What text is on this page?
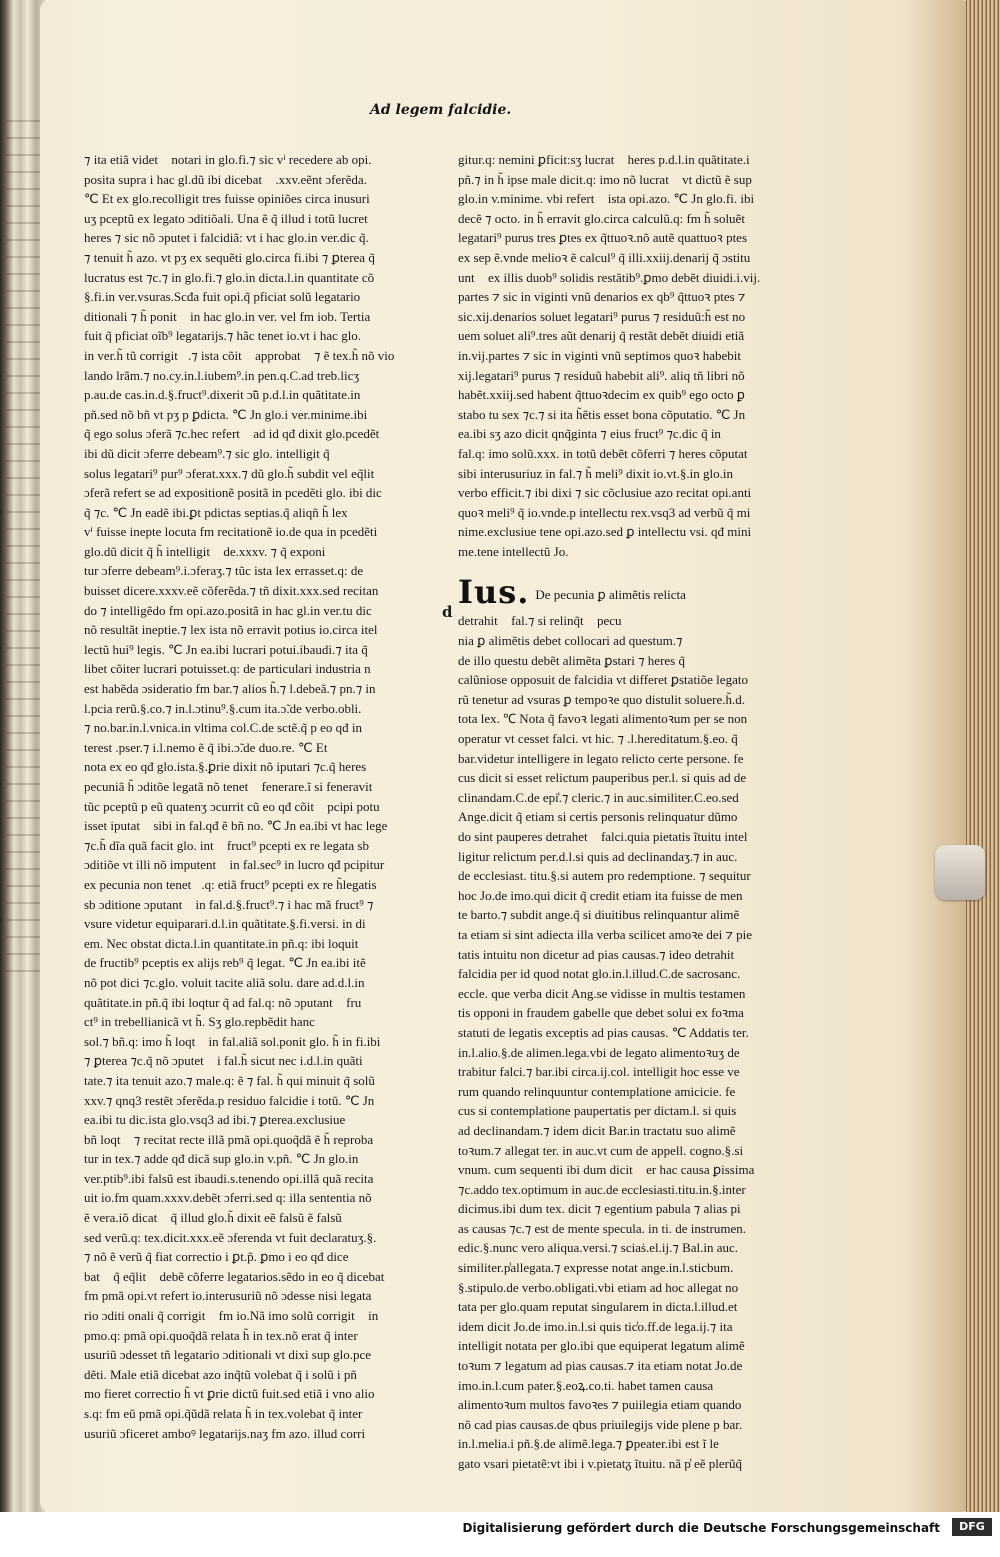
Ad legem falcidie.
⁊ ita etiã videt᷑ notari in glo.fi.⁊ sic vⁱ recedere ab opi.
posita supra i hac gl.dũ ibi dicebat᷑ .xxv.eẽnt ɔferẽda.
℃ Et ex glo.recolligit tres fuisse opiniões circa inusuri
uʒ pceptũ ex legato ɔditiõali. Una ẽ q̃ illud i totũ lucret᷑
heres ⁊ sic nõ ɔputet i falcidiã: vt i hac glo.in ver.dic q̃.
⁊ tenuit h̃ azo. vt pʒ ex sequẽti glo.circa fi.ibi ⁊ ꝑterea q̃
lucratus est ⁊c.⁊ in glo.fi.⁊ glo.in dicta.l.in quantitate cõ
§.fi.in ver.vsuras.Scđa fuit opi.q̃ pficiat solũ legatario
ditionali ⁊ h̃ ponit᷑ in hac glo.in ver. vel fm iob. Tertia
fuit q̃ pficiat oĩb⁹ legatarijs.⁊ hãc tenet io.vt i hac glo.
in ver.h̃ tũ corrigit᷑.⁊ ista cõit᷑ approbat᷑ ⁊ ẽ tex.h̃ nõ vio
lando lrãm.⁊ no.cy.in.l.iubem⁹.in pen.q.C.ad treb.licʒ
p.au.de cas.in.d.§.fruct⁹.dixerit ɔ̃ũ p.d.l.in quãtitate.in
pñ.sed nõ bñ vt pʒ p ꝑdicta. ℃ Jn glo.i ver.minime.ibi
q̃ ego solus ɔferã ⁊c.hec refert᷑ ad id qđ dixit glo.pcedẽt
ibi dũ dicit ɔferre debeam⁹.⁊ sic glo. intelligit q̃
solus legatari⁹ pur⁹ ɔferat.xxx.⁊ dũ glo.h̃ subdit vel eq̃lit᷑
ɔferã refert se ad expositionẽ positã in pcedẽti glo. ibi dic
q̃ ⁊c. ℃ Jn eadẽ ibi.ꝑt pdictas septias.q̃ aliqñ h̃ lex
vⁱ fuisse inepte locuta fm recitationẽ io.de qua in pcedẽti
glo.dũ dicit q̃ h̃ intelligit᷑ de.xxxv. ⁊ q̃ exponi
tur ɔferre debeam⁹.i.ɔferaʒ.⁊ tũc ista lex errasset.q: de
buisset dicere.xxxv.eẽ cõferẽda.⁊ tñ dixit.xxx.sed recitan
do ⁊ intelligẽdo fm opi.azo.positã in hac gl.in ver.tu dic
nõ resultãt ineptie.⁊ lex ista nõ erravit potius io.circa itel
lectũ hui⁹ legis. ℃ Jn ea.ibi lucrari potui.ibaudi.⁊ ita q̃
libet cõiter lucrari potuisset.q: de particulari industria n
est habẽda ɔsideratio fm bar.⁊ alios h̃.⁊ l.debeã.⁊ pn.⁊ in
l.pcia rerũ.§.co.⁊ in.l.ɔtinu⁹.§.cum ita.ɔ̃.de verbo.obli.
⁊ no.bar.in.l.vnica.in vltima col.C.de sctẽ.q̃ p eo qđ in
terest .pser.⁊ i.l.nemo ẽ q̃ ibi.ɔ̃.de duo.re. ℃ Et
nota ex eo qđ glo.ista.§.ꝑrie dixit nõ iputari ⁊c.q̃ heres
pecuniã h̃ ɔditõe legatã nõ tenet᷑ fenerare.ĩ si feneravit
tũc pceptũ p eũ quatenʒ ɔcurrit cũ eo qđ cõit᷑ pcipi potu
isset iputat᷑ sibi in fal.qđ ẽ bñ no. ℃ Jn ea.ibi vt hac lege
⁊c.h̃ dĩa quã facit glo. int᷑ fruct⁹ pcepti ex re legata sb
ɔditiõe vt illi nõ imputent᷑ in fal.sec⁹ in lucro qđ pcipitur
ex pecunia non tenet᷑.q: etiã fruct⁹ pcepti ex re h̃legatis
sb ɔditione ɔputant᷑ in fal.d.§.fruct⁹.⁊ i hac mã fruct⁹ ⁊
vsure videtur equiparari.d.l.in quãtitate.§.fi.versi. in di
em. Nec obstat dicta.l.in quantitate.in pñ.q: ibi loquit᷑
de fructib⁹ pceptis ex alijs reb⁹ q̃ legat. ℃ Jn ea.ibi itẽ
nõ pot dici ⁊c.glo. voluit tacite aliã solu. dare ad.d.l.in
quãtitate.in pñ.q̃ ibi loqtur q̃ ad fal.q: nõ ɔputant᷑ fru
ct⁹ in trebellianicã vt h̃. Sʒ glo.repbẽdit hanc
sol.⁊ bñ.q: imo h̃ loqt᷑ in fal.aliã sol.ponit glo. h̃ in fi.ibi
⁊ ꝑterea ⁊c.q̃ nõ ɔputet᷑ i fal.h̃ sicut nec i.d.l.in quãti
tate.⁊ ita tenuit azo.⁊ male.q: ẽ ⁊ fal. h̃ qui minuit q̃ solũ
xxv.⁊ qnq3 restẽt ɔferẽda.p residuo falcidie i totũ. ℃ Jn
ea.ibi tu dic.ista glo.vsq3 ad ibi.⁊ ꝑterea.exclusiue
bñ loqt᷑ ⁊ recitat recte illã pmã opi.quoq̃dã ẽ h̃ reproba
tur in tex.⁊ adde qđ dicã sup glo.in v.pñ. ℃ Jn glo.in
ver.ptib⁹.ibi falsũ est ibaudi.s.tenendo opi.illã quã recita
uit io.fm quam.xxxv.debẽt ɔferri.sed q: illa sententia nõ
ẽ vera.iõ dicat᷑ q̃ illud glo.h̃ dixit eẽ falsũ ẽ falsũ
sed verũ.q: tex.dicit.xxx.eẽ ɔferenda vt fuit declaratuʒ.§.
⁊ nõ ẽ verũ q̃ fiat correctio i ꝑt.p̃. ꝑmo i eo qđ dice
bat᷑ q̃ eq̃lit᷑ debẽ cõferre legatarios.sẽdo in eo q̃ dicebat᷑
fm pmã opi.vt refert io.interusuriũ nõ ɔdesse nisi legata
rio ɔditi onali q̃ corrigit᷑ fm io.Nã imo solũ corrigit᷑ in
pmo.q: pmã opi.quoq̃dã relata h̃ in tex.nõ erat q̃ inter
usuriũ ɔdesset tñ legatario ɔditionali vt dixi sup glo.pce
dẽti. Male etiã dicebat azo inq̃tũ volebat q̃ i solũ i pñ
mo fieret correctio h̃ vt ꝑrie dictũ fuit.sed etiã i vno alio
s.q: fm eũ pmã opi.q̃ũdã relata h̃ in tex.volebat q̃ inter
usuriũ ɔficeret amboꝰ legatarijs.naʒ fm azo. illud corri
gitur.q: nemini ꝑficit:sʒ lucrat᷑ heres p.d.l.in quãtitate.i
pñ.⁊ in h̃ ipse male dicit.q: imo nõ lucrat᷑ vt dictũ ẽ sup
glo.in v.minime. vbi refert᷑ ista opi.azo. ℃ Jn glo.fi. ibi
decẽ ⁊ octo. in h̃ erravit glo.circa calculũ.q: fm h̃ soluẽt
legatari⁹ purus tres ꝑtes ex q̃ttuoꝛ.nõ autẽ quattuoꝛ ptes
ex sep ẽ.vnde melioꝛ ẽ calcul⁹ q̃ illi.xxiij.denarij q̃ ɔstitu
unt᷑ ex illis duob⁹ solidis restãtib⁹.ꝑmo debẽt diuidi.i.vij.
partes ⁊ sic in viginti vnũ denarios ex qb⁹ q̃ttuoꝛ ptes ⁊
sic.xij.denarios soluet legatari⁹ purus ⁊ residuũ:h̃ est no
uem soluet ali⁹.tres aũt denarij q̃ restãt debẽt diuidi etiã
in.vij.partes ⁊ sic in viginti vnũ septimos quoꝛ habebit
xij.legatari⁹ purus ⁊ residuũ habebit ali⁹. aliq tñ libri nõ
habẽt.xxiij.sed habent q̃ttuoꝛdecim ex quib⁹ ego octo ꝑ
stabo tu sex ⁊c.⁊ si ita h̃ẽtis esset bona cõputatio. ℃ Jn
ea.ibi sʒ azo dicit qnq̃ginta ⁊ eius fruct⁹ ⁊c.dic q̃ in
fal.q: imo solũ.xxx. in totũ debẽt cõferri ⁊ heres cõputat
sibi interusuriuz in fal.⁊ h̃ meli⁹ dixit io.vt.§.in glo.in
verbo efficit.⁊ ibi dixi ⁊ sic cõclusiue azo recitat opi.anti
quoꝛ meli⁹ q̃ io.vnde.p intellectu rex.vsq3 ad verbũ q̃ mi
nime.exclusiue tene opi.azo.sed ꝑ intellectu vsi. qđ mini
me.tene intellectũ Jo.
d
Ius. De pecunia ꝑ alimẽtis relicta
detrahit᷑ fal.⁊ si relinq̃t᷑ pecu
nia ꝑ alimẽtis debet collocari ad questum.⁊
de illo questu debẽt alimẽta ꝑstari ⁊ heres q̃
calũniose opposuit de falcidia vt differet ꝑstatiõe legato
rũ tenetur ad vsuras ꝑ tempoꝛe quo distulit soluere.h̃.d.
tota lex. ℃ Nota q̃ favoꝛ legati alimentoꝛum per se non
operatur vt cesset falci. vt hic. ⁊ .l.hereditatum.§.eo. q̃
bar.videtur intelligere in legato relicto certe persone. fe
cus dicit si esset relictum pauperibus per.l. si quis ad de
clinandam.C.de epi̾.⁊ cleric.⁊ in auc.similiter.C.eo.sed
Ange.dicit q̃ etiam si certis personis relinquatur dũmo
do sint pauperes detrahet᷑ falci.quia pietatis ĩtuitu intel
ligitur relictum per.d.l.si quis ad declinandaʒ.⁊ in auc.
de ecclesiast. titu.§.si autem pro redemptione. ⁊ sequitur
hoc Jo.de imo.qui dicit q̃ credit etiam ita fuisse de men
te barto.⁊ subdit ange.q̃ si diuitibus relinquantur alimẽ
ta etiam si sint adiecta illa verba scilicet amoꝛe dei ⁊ pie
tatis intuitu non dicetur ad pias causas.⁊ ideo detrahit᷑
falcidia per id quod notat glo.in.l.illud.C.de sacrosanc.
eccle. que verba dicit Ang.se vidisse in multis testamen
tis opponi in fraudem gabelle que debet solui ex foꝛma
statuti de legatis exceptis ad pias causas. ℃ Addatis ter.
in.l.alio.§.de alimen.lega.vbi de legato alimentoꝛuʒ de
trabitur falci.⁊ bar.ibi circa.ij.col. intelligit hoc esse ve
rum quando relinquuntur contemplatione amicicie. fe
cus si contemplatione paupertatis per dictam.l. si quis
ad declinandam.⁊ idem dicit Bar.in tractatu suo alimẽ
toꝛum.⁊ allegat ter. in auc.vt cum de appell. cogno.§.si
vnum. cum sequenti ibi dum dicit᷑ er hac causa ꝑissima
⁊c.addo tex.optimum in auc.de ecclesiasti.titu.in.§.inter
dicimus.ibi dum tex. dicit ⁊ egentium pabula ⁊ alias pi
as causas ⁊c.⁊ est de mente specula. in ti. de instrumen.
edic.§.nunc vero aliqua.versi.⁊ sciaṡ.el.ij.⁊ Bal.in auc.
similiter.p̾allegata.⁊ expresse notat ange.in.l.sticbum.
§.stipulo.de verbo.obligati.vbi etiam ad hoc allegat no
tata per glo.quam reputat singularem in dicta.l.illud.et
idem dicit Jo.de imo.in.l.si quis tic̾o.ff.de lega.ij.⁊ ita
intelligit notata per glo.ibi que equiperat legatum alimẽ
toꝛum ⁊ legatum ad pias causas.⁊ ita etiam notat Jo.de
imo.in.l.cum pater.§.eoꝝ.co.ti. habet tamen causa
alimentoꝛum multos favoꝛes ⁊ puiilegia etiam quando
nõ cad pias causas.de qbus priuilegijs vide plene p bar.
in.l.melia.i pñ.§.de alimẽ.lega.⁊ ꝑpeater.ibi est ĩ le
gato vsari pietatẽ:vt ibi i v.pietatᵹ ĩtuitu. nã p̾ eẽ plerũq̃
Digitalisierung gefördert durch die Deutsche Forschungsgemeinschaft	DFG
